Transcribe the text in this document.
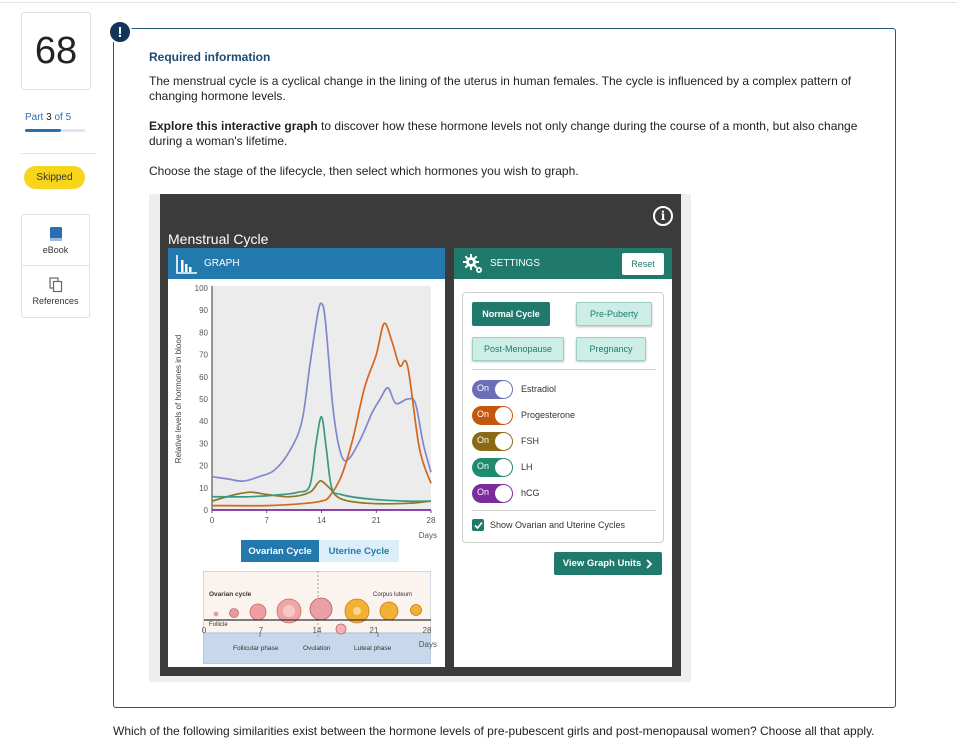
68
Part 3 of 5
Skipped
eBook
References
!
Required information
The menstrual cycle is a cyclical change in the lining of the uterus in human females. The cycle is influenced by a complex pattern of changing hormone levels.
Explore this interactive graph to discover how these hormone levels not only change during the course of a month, but also change during a woman's lifetime.
Choose the stage of the lifecycle, then select which hormones you wish to graph.
Menstrual Cycle
i
GRAPH
0
10
20
30
40
50
60
70
80
90
100
0	7	14	21	28
Relative levels of hormones in blood
Days
Ovarian Cycle	Uterine Cycle
Ovarian cycle
Follicle
Corpus luteum
Follicular phase	Ovulation	Luteal phase
0	7	14	21	28
Days
SETTINGS	Reset
Normal Cycle	Pre-Puberty
Post-Menopause	Pregnancy
On	Estradiol
On	Progesterone
On	FSH
On	LH
On	hCG
Show Ovarian and Uterine Cycles
View Graph Units
Which of the following similarities exist between the hormone levels of pre-pubescent girls and post-menopausal women? Choose all that apply.
